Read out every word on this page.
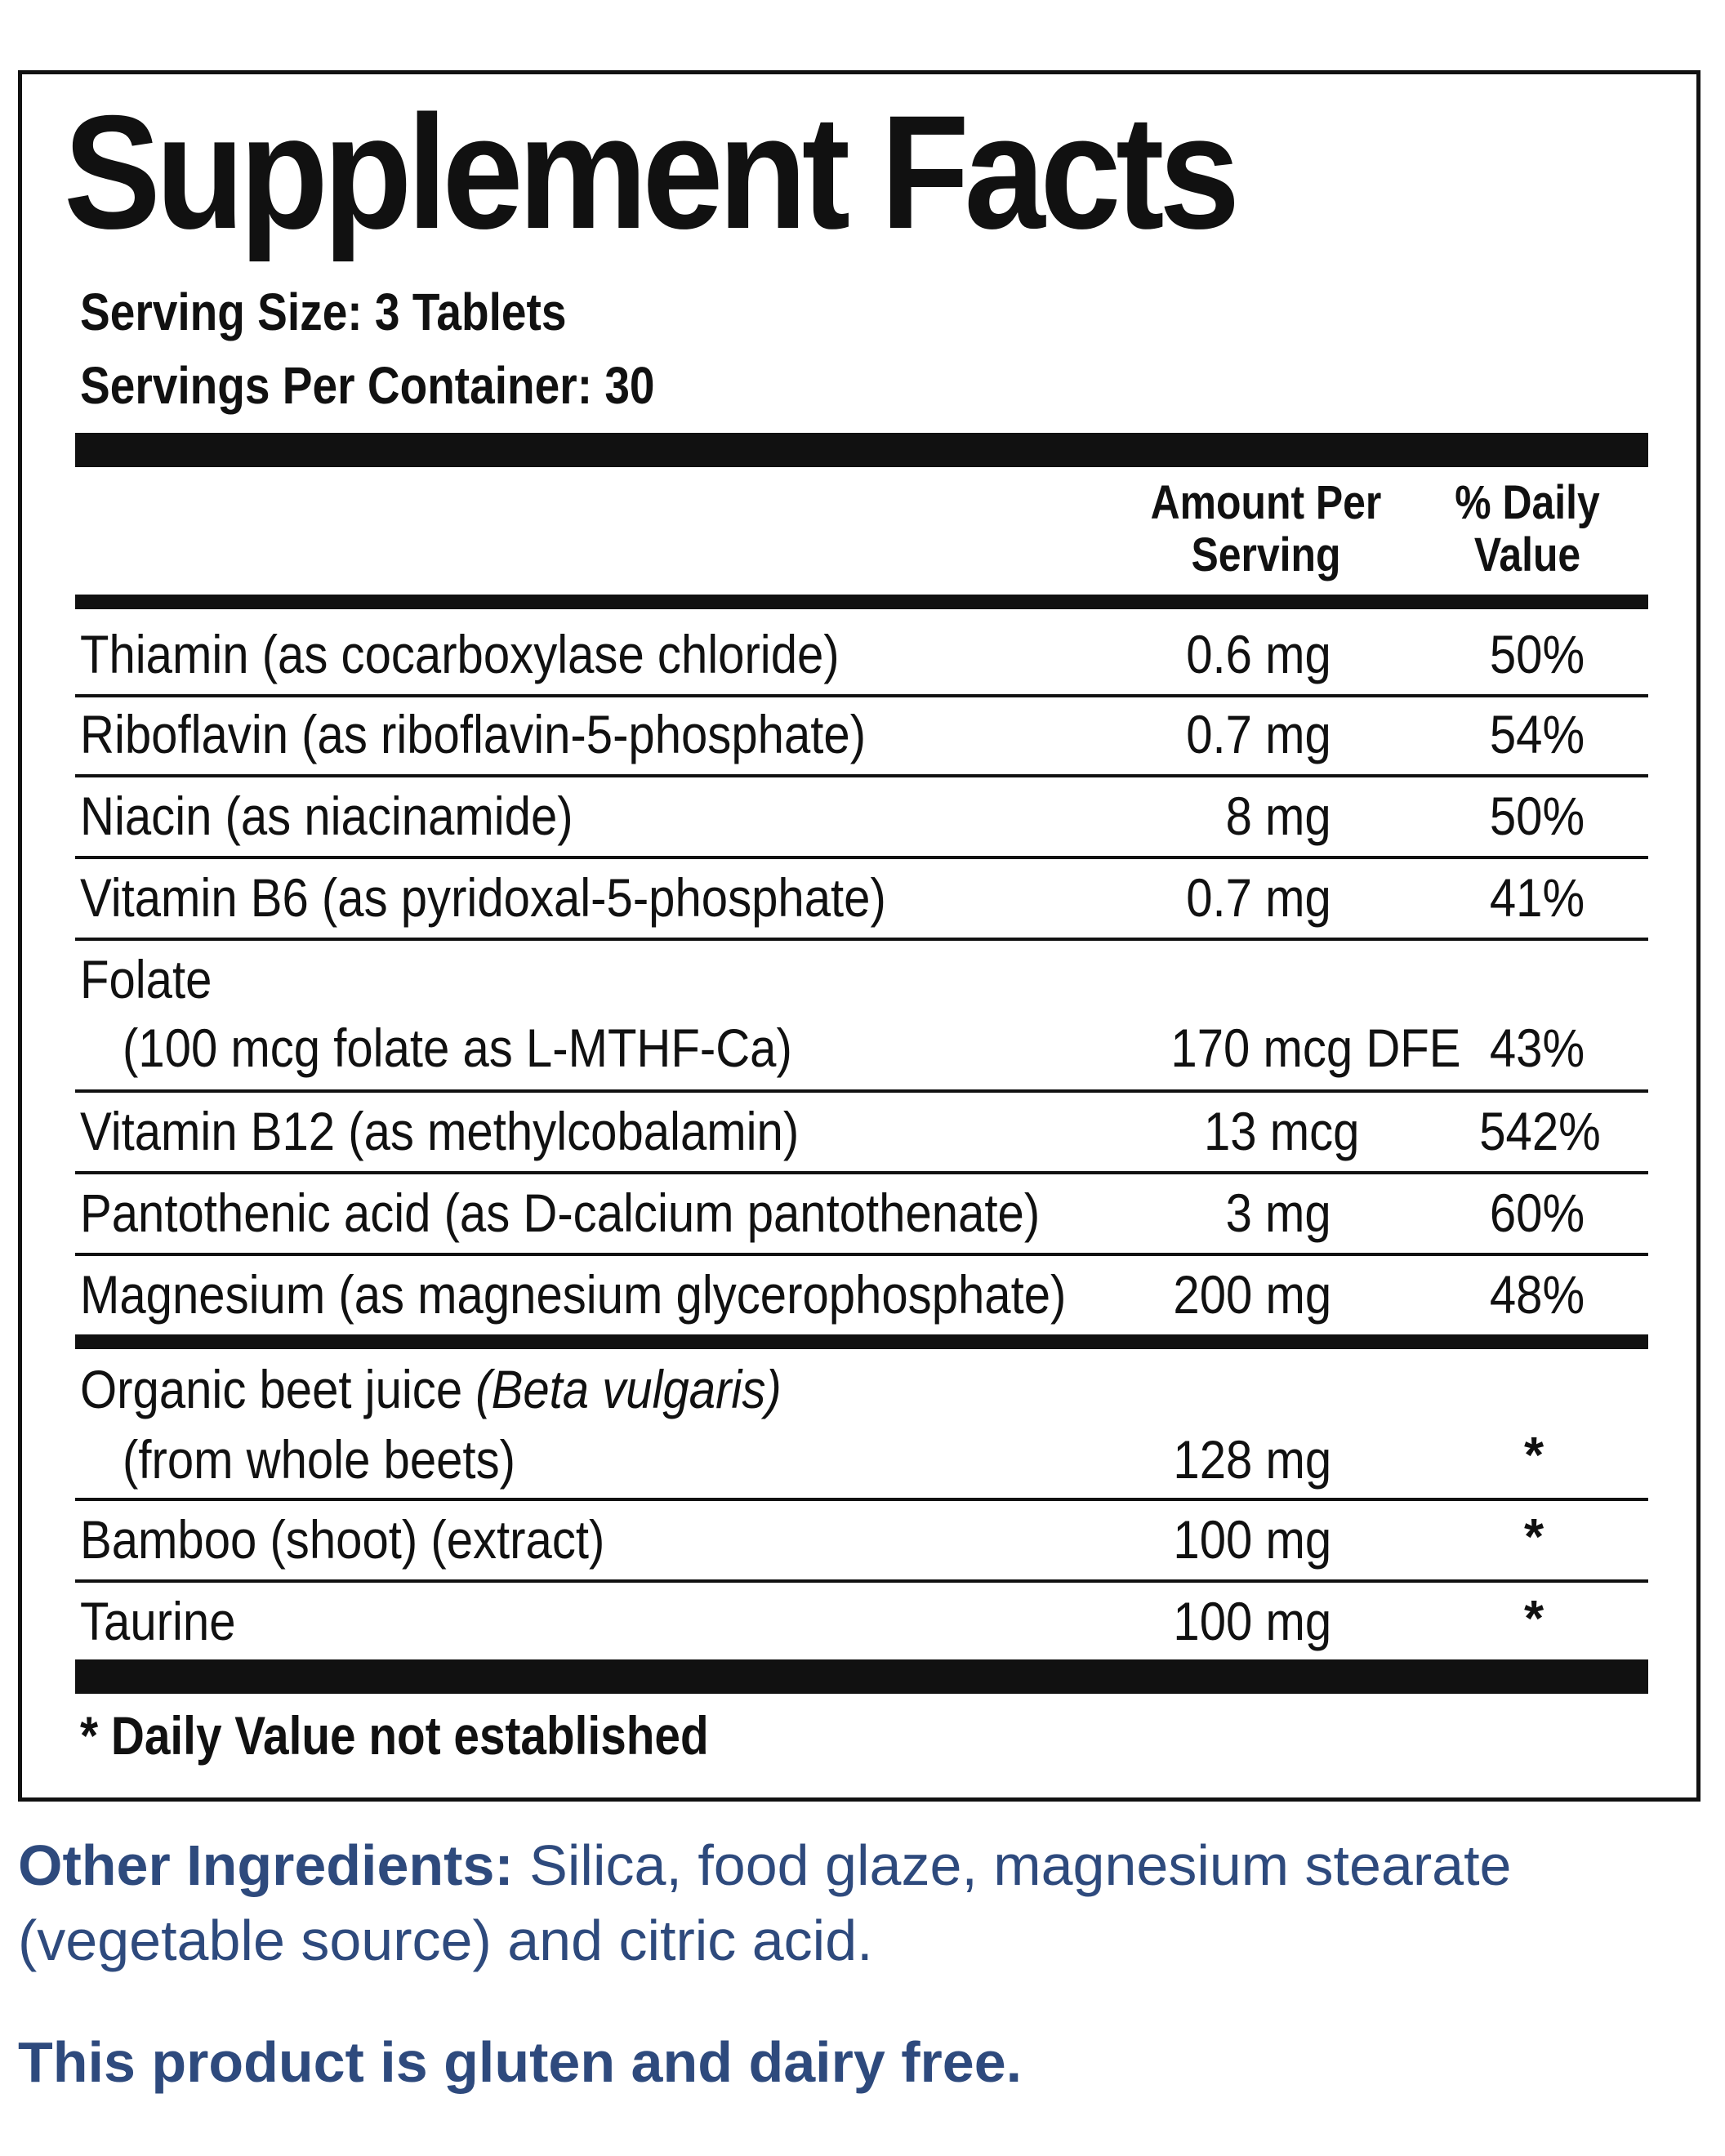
Supplement Facts
Serving Size: 3 Tablets
Servings Per Container: 30
Amount Per
Serving
% Daily
Value
Thiamin (as cocarboxylase chloride)	0.6 mg	50%
Riboflavin (as riboflavin-5-phosphate)	0.7 mg	54%
Niacin (as niacinamide)	8 mg	50%
Vitamin B6 (as pyridoxal-5-phosphate)	0.7 mg	41%
Folate
(100 mcg folate as L-MTHF-Ca)	170 mcg DFE 43%
Vitamin B12 (as methylcobalamin)	13 mcg 542%
Pantothenic acid (as D-calcium pantothenate)	3 mg	60%
Magnesium (as magnesium glycerophosphate) 200 mg	48%
Organic beet juice (Beta vulgaris)
(from whole beets)	128 mg	*
Bamboo (shoot) (extract)	100 mg	*
Taurine	100 mg	*
* Daily Value not established
Other Ingredients: Silica, food glaze, magnesium stearate (vegetable source) and citric acid.
This product is gluten and dairy free.
